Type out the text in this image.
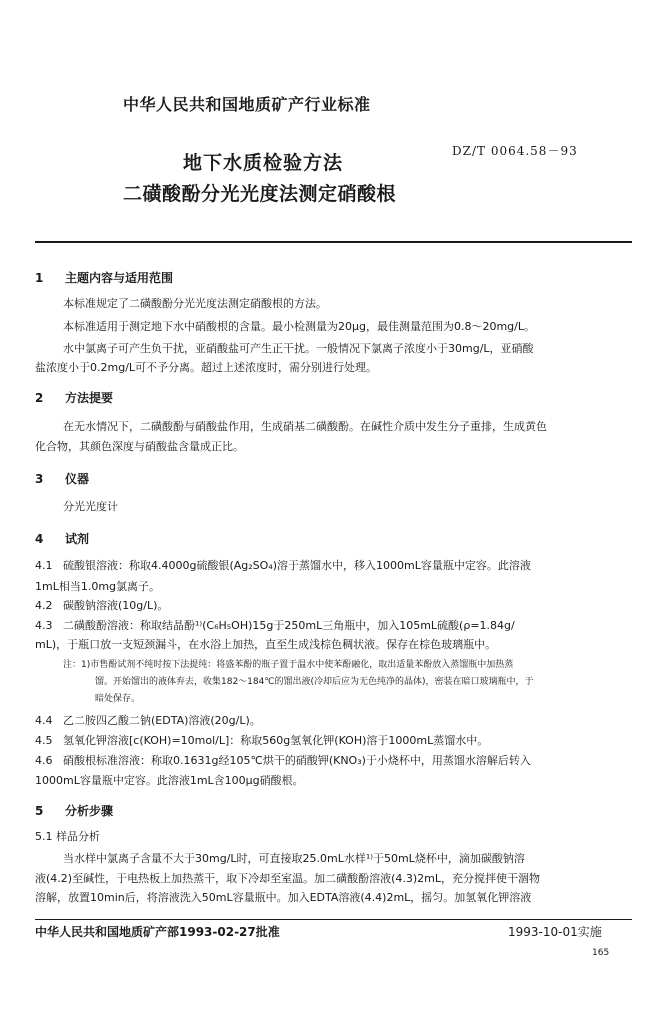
中华人民共和国地质矿产行业标准
DZ/T 0064.58－93
地下水质检验方法
二磺酸酚分光光度法测定硝酸根
1 主题内容与适用范围
本标准规定了二磺酸酚分光光度法测定硝酸根的方法。
本标准适用于测定地下水中硝酸根的含量。最小检测量为20μg，最佳测量范围为0.8～20mg/L。
水中氯离子可产生负干扰，亚硝酸盐可产生正干扰。一般情况下氯离子浓度小于30mg/L，亚硝酸
盐浓度小于0.2mg/L可不予分离。超过上述浓度时，需分别进行处理。
2 方法提要
在无水情况下，二磺酸酚与硝酸盐作用，生成硝基二磺酸酚。在碱性介质中发生分子重排，生成黄色
化合物，其颜色深度与硝酸盐含量成正比。
3 仪器
分光光度计
4 试剂
4.1 硫酸银溶液：称取4.4000g硫酸银(Ag₂SO₄)溶于蒸馏水中，移入1000mL容量瓶中定容。此溶液
1mL相当1.0mg氯离子。
4.2 碳酸钠溶液(10g/L)。
4.3 二磺酸酚溶液：称取结晶酚¹⁾(C₆H₅OH)15g于250mL三角瓶中，加入105mL硫酸(ρ=1.84g/
mL)，于瓶口放一支短颈漏斗，在水浴上加热，直至生成浅棕色稠状液。保存在棕色玻璃瓶中。
注：1)市售酚试剂不纯时按下法提纯：将盛苯酚的瓶子置于温水中使苯酚融化，取出适量苯酚放入蒸馏瓶中加热蒸
馏。开始馏出的液体弃去，收集182～184℃的馏出液(冷却后应为无色纯净的晶体)，密装在暗口玻璃瓶中，于
暗处保存。
4.4 乙二胺四乙酸二钠(EDTA)溶液(20g/L)。
4.5 氢氧化钾溶液[c(KOH)=10mol/L]：称取560g氢氧化钾(KOH)溶于1000mL蒸馏水中。
4.6 硝酸根标准溶液：称取0.1631g经105℃烘干的硝酸钾(KNO₃)于小烧杯中，用蒸馏水溶解后转入
1000mL容量瓶中定容。此溶液1mL含100μg硝酸根。
5 分析步骤
5.1 样品分析
当水样中氯离子含量不大于30mg/L时，可直接取25.0mL水样¹⁾于50mL烧杯中，滴加碳酸钠溶
液(4.2)至碱性，于电热板上加热蒸干，取下冷却至室温。加二磺酸酚溶液(4.3)2mL，充分搅拌使干涸物
溶解，放置10min后，将溶液洗入50mL容量瓶中。加入EDTA溶液(4.4)2mL，摇匀。加氢氧化钾溶液
中华人民共和国地质矿产部1993-02-27批准	1993-10-01实施
165
